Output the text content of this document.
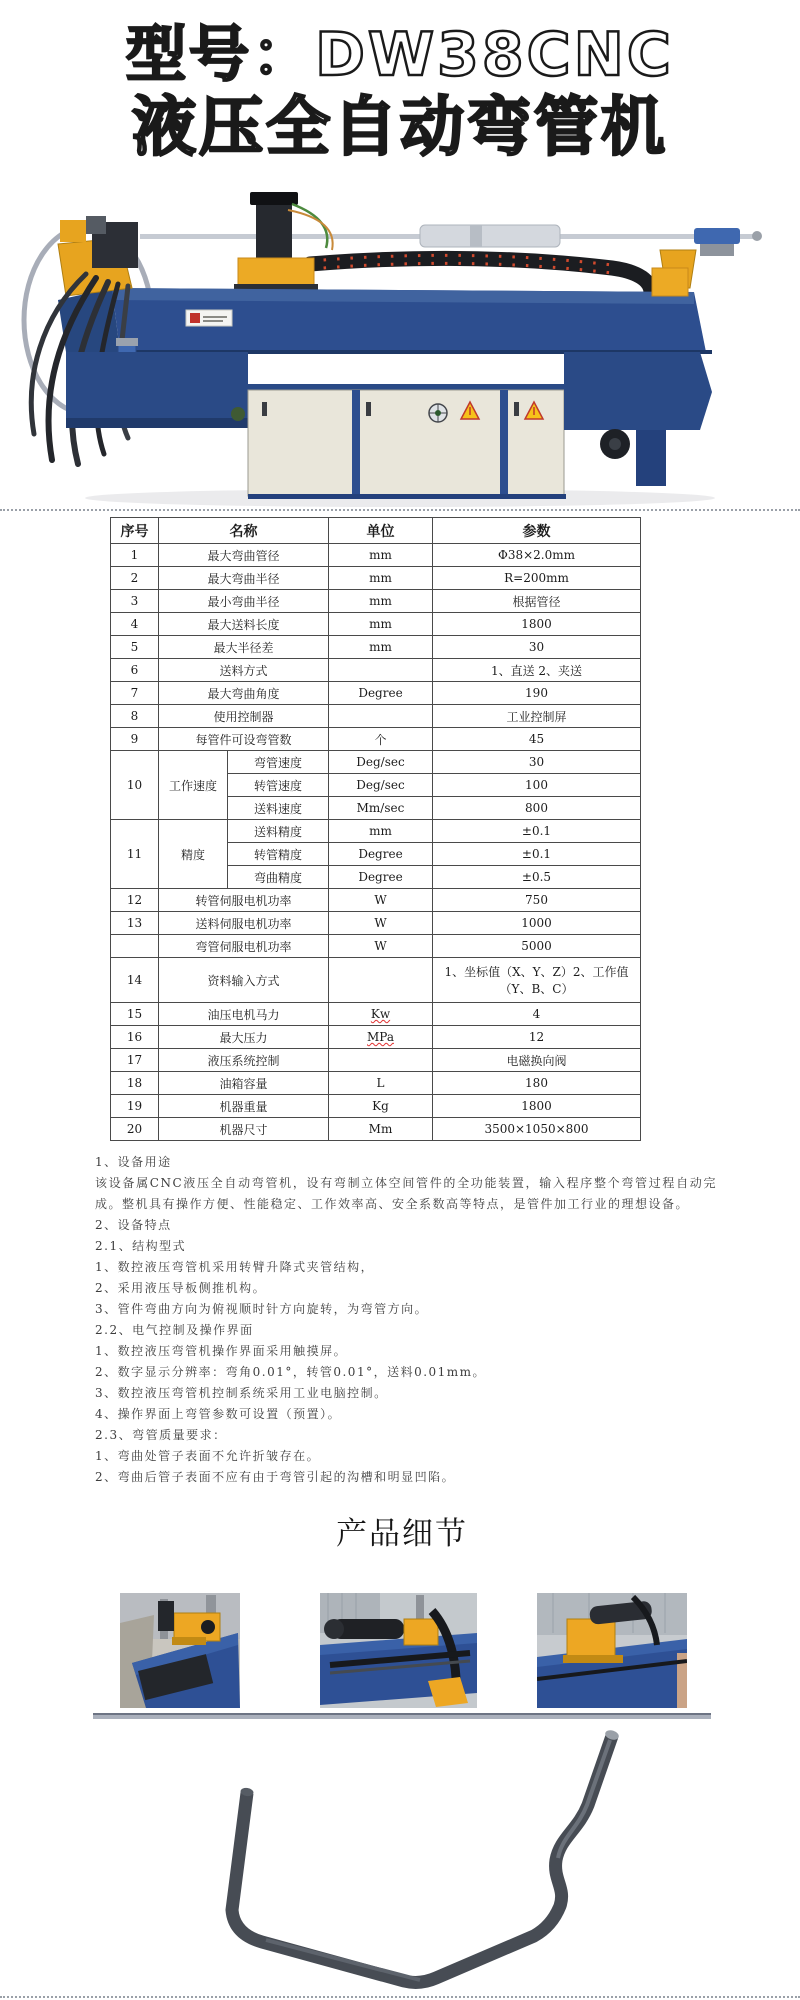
型号：DW38CNC
液压全自动弯管机
序号	名称		单位	参数
1	最大弯曲管径		mm	Φ38×2.0mm
2	最大弯曲半径		mm	R=200mm
3	最小弯曲半径		mm	根据管径
4	最大送料长度		mm	1800
5	最大半径差		mm	30
6	送料方式			1、直送 2、夹送
7	最大弯曲角度		Degree	190
8	使用控制器			工业控制屏
9	每管件可设弯管数		个	45
10	工作速度	弯管速度	Deg/sec	30
		转管速度	Deg/sec	100
		送料速度	Mm/sec	800
11	精度	送料精度	mm	±0.1
		转管精度	Degree	±0.1
		弯曲精度	Degree	±0.5
12	转管伺服电机功率		W	750
13	送料伺服电机功率		W	1000
	弯管伺服电机功率		W	5000
14	资料输入方式			1、坐标值（X、Y、Z）2、工作值（Y、B、C）
15	油压电机马力		Kw	4
16	最大压力		MPa	12
17	液压系统控制			电磁换向阀
18	油箱容量		L	180
19	机器重量		Kg	1800
20	机器尺寸		Mm	3500×1050×800

1、设备用途

该设备属CNC液压全自动弯管机，设有弯制立体空间管件的全功能装置，输入程序整个弯管过程自动完成。整机具有操作方便、性能稳定、工作效率高、安全系数高等特点，是管件加工行业的理想设备。

2、设备特点

2.1、结构型式

1、数控液压弯管机采用转臂升降式夹管结构，

2、采用液压导板侧推机构。

3、管件弯曲方向为俯视顺时针方向旋转，为弯管方向。

2.2、电气控制及操作界面

1、数控液压弯管机操作界面采用触摸屏。

2、数字显示分辨率：弯角0.01°，转管0.01°，送料0.01mm。

3、数控液压弯管机控制系统采用工业电脑控制。

4、操作界面上弯管参数可设置（预置）。

2.3、弯管质量要求：

1、弯曲处管子表面不允许折皱存在。

2、弯曲后管子表面不应有由于弯管引起的沟槽和明显凹陷。

产品细节
